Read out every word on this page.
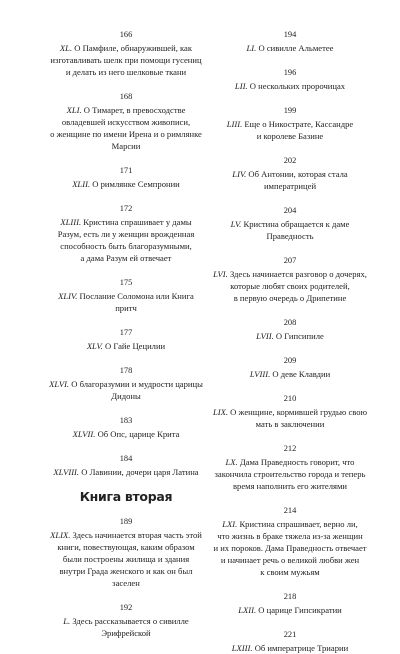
166
XL. О Памфиле, обнаружившей, как
изготавливать шелк при помощи гусениц
и делать из него шелковые ткани
168
XLI. О Тимарет, в превосходстве
овладевшей искусством живописи,
о женщине по имени Ирена и о римлянке
Марсии
171
XLII. О римлянке Семпронии
172
XLIII. Кристина спрашивает у дамы
Разум, есть ли у женщин врожденная
способность быть благоразумными,
а дама Разум ей отвечает
175
XLIV. Послание Соломона или Книга
притч
177
XLV. О Гайе Цецилии
178
XLVI. О благоразумии и мудрости царицы
Дидоны
183
XLVII. Об Опс, царице Крита
184
XLVIII. О Лавинии, дочери царя Латина
Книга вторая
189
XLIX. Здесь начинается вторая часть этой
книги, повествующая, каким образом
были построены жилища и здания
внутри Града женского и как он был
заселен
192
L. Здесь рассказывается о сивилле
Эрифрейской
194
LI. О сивилле Альметее
196
LII. О нескольких пророчицах
199
LIII. Еще о Никострате, Кассандре
и королеве Базине
202
LIV. Об Антонии, которая стала
императрицей
204
LV. Кристина обращается к даме
Праведность
207
LVI. Здесь начинается разговор о дочерях,
которые любят своих родителей,
в первую очередь о Дрипетине
208
LVII. О Гипсипиле
209
LVIII. О деве Клавдии
210
LIX. О женщине, кормившей грудью свою
мать в заключении
212
LX. Дама Праведность говорит, что
закончила строительство города и теперь
время наполнить его жителями
214
LXI. Кристина спрашивает, верно ли,
что жизнь в браке тяжела из-за женщин
и их пороков. Дама Праведность отвечает
и начинает речь о великой любви жен
к своим мужьям
218
LXII. О царице Гипсикратии
221
LXIII. Об императрице Триарии
